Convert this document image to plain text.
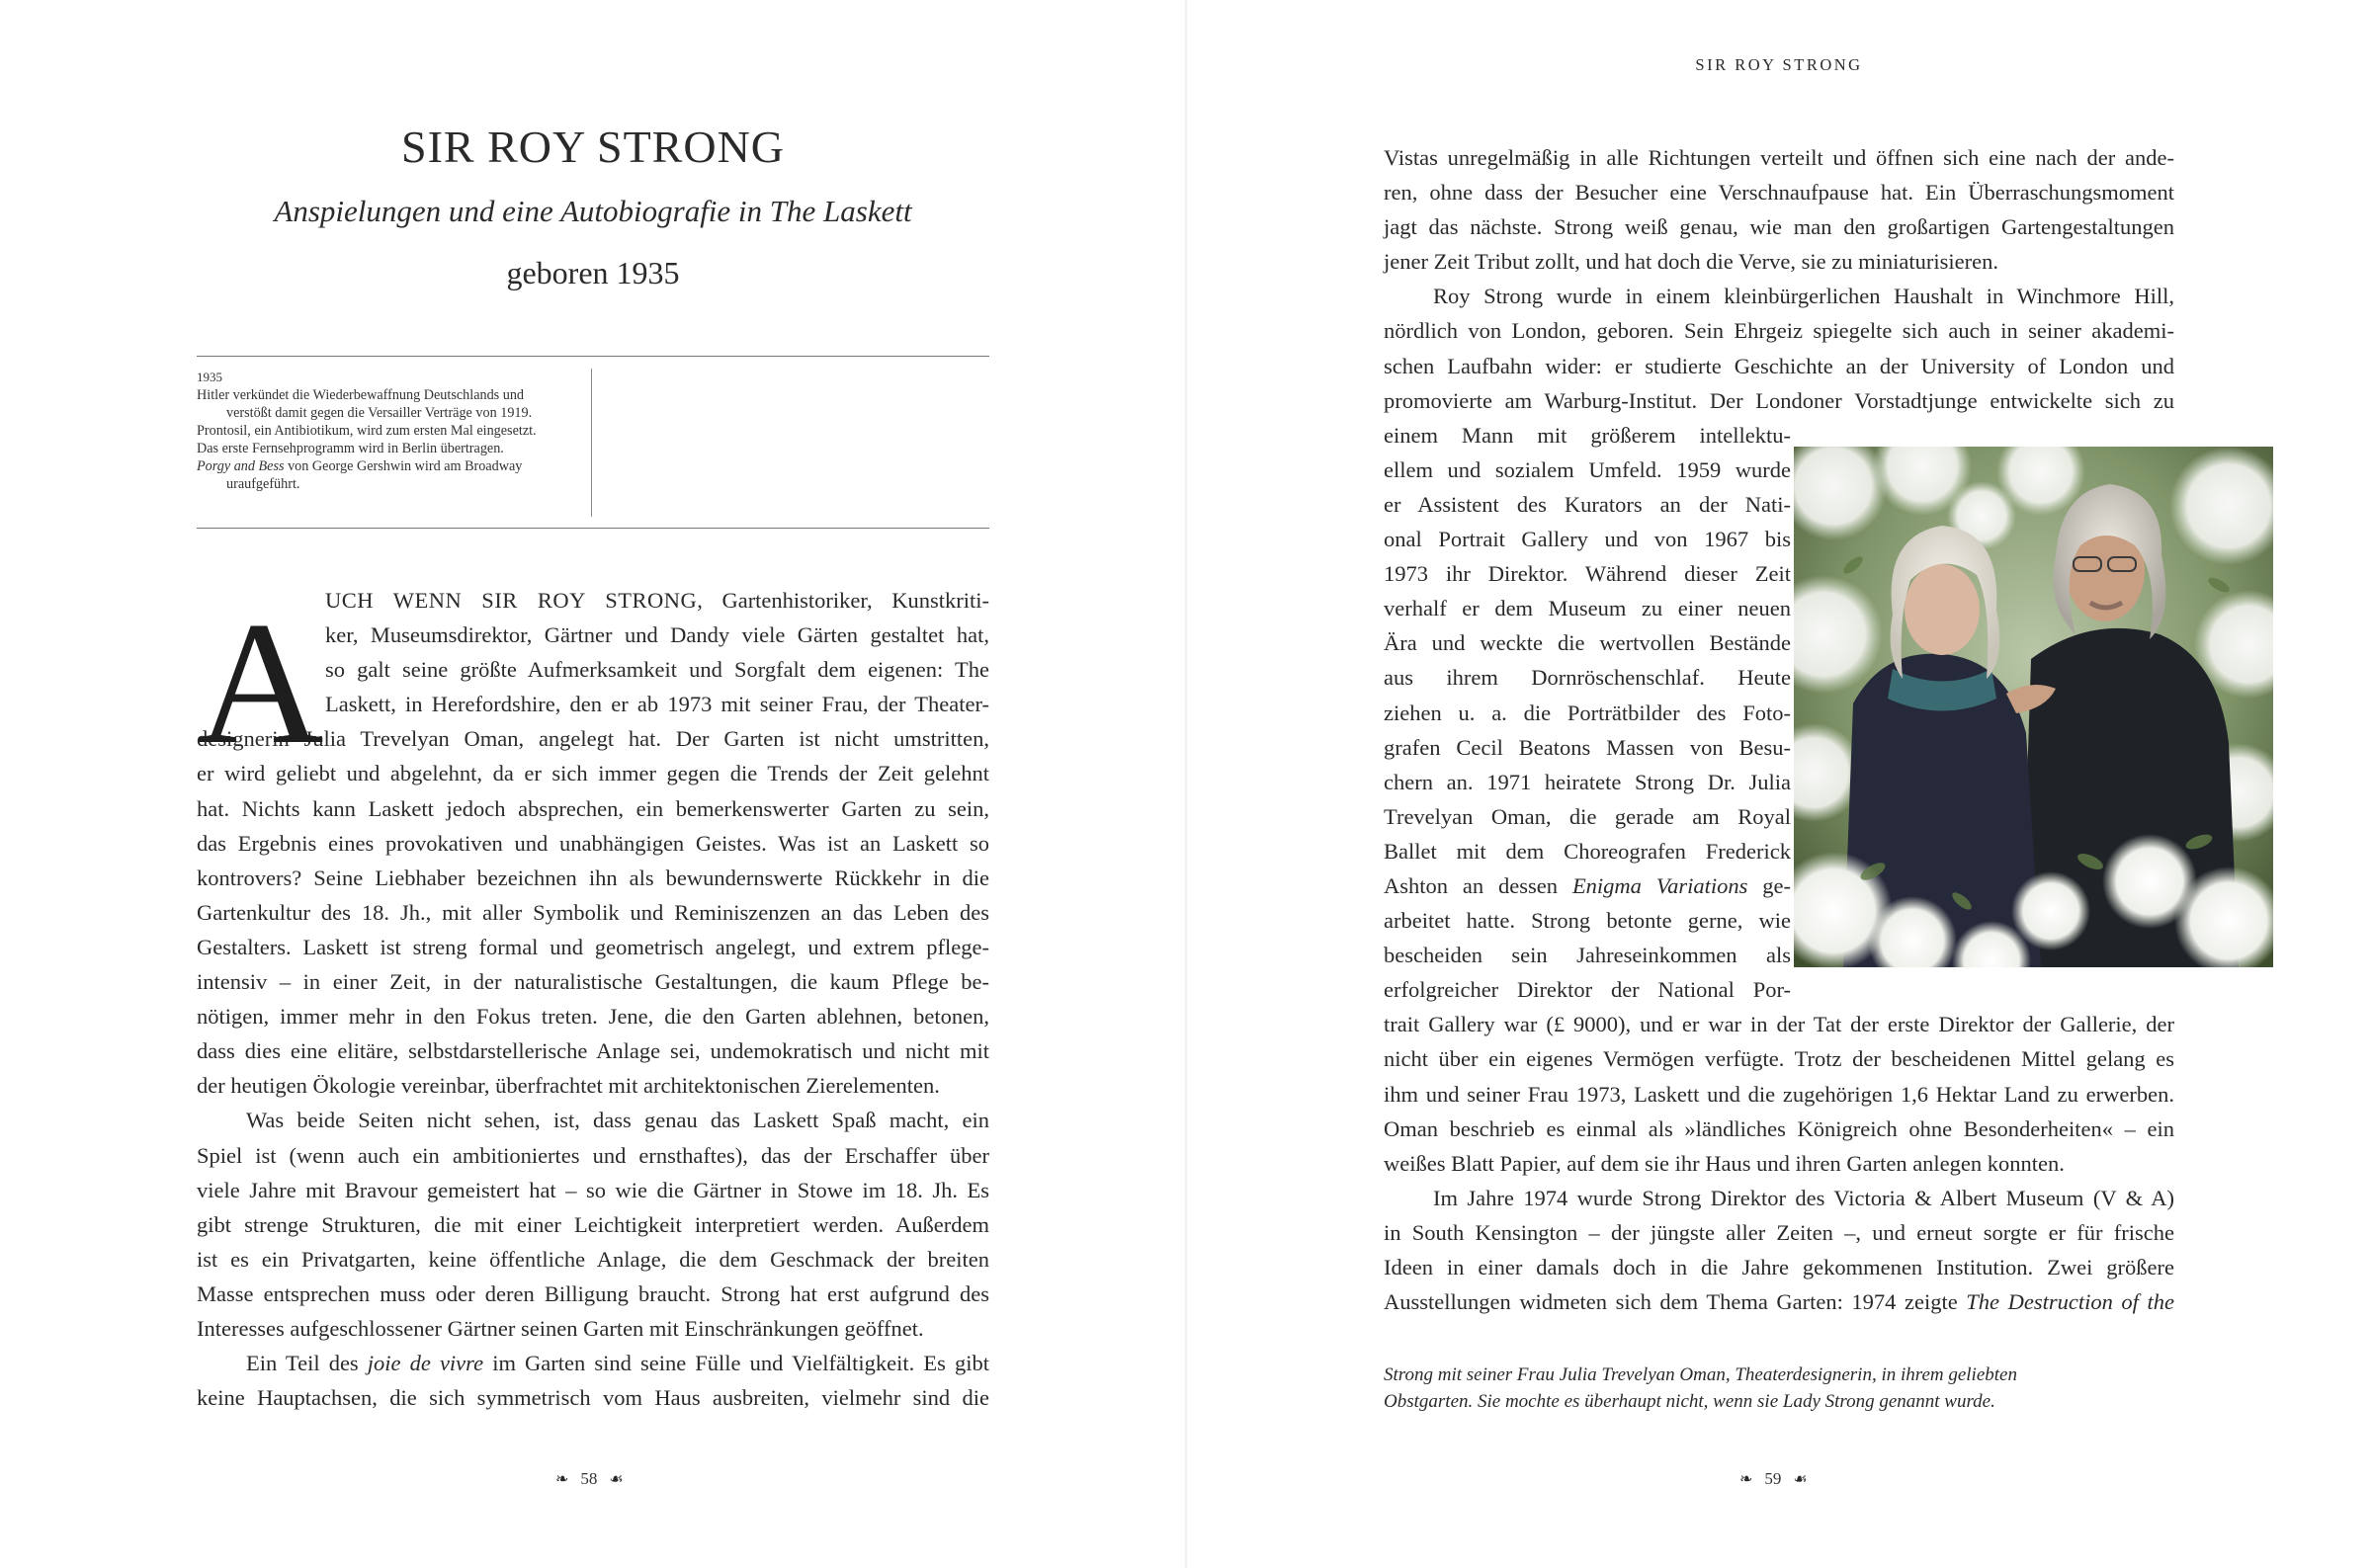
SIR ROY STRONG
Anspielungen und eine Autobiografie in The Laskett
geboren 1935
1935
Hitler verkündet die Wiederbewaffnung Deutschlands und
verstößt damit gegen die Versailler Verträge von 1919.
Prontosil, ein Antibiotikum, wird zum ersten Mal eingesetzt.
Das erste Fernsehprogramm wird in Berlin übertragen.
Porgy and Bess von George Gershwin wird am Broadway
uraufgeführt.
A UCH WENN SIR ROY STRONG, Gartenhistoriker, Kunstkriti-
ker, Museumsdirektor, Gärtner und Dandy viele Gärten gestaltet hat,
so galt seine größte Aufmerksamkeit und Sorgfalt dem eigenen: The
Laskett, in Herefordshire, den er ab 1973 mit seiner Frau, der Theater-
designerin Julia Trevelyan Oman, angelegt hat. Der Garten ist nicht umstritten,
er wird geliebt und abgelehnt, da er sich immer gegen die Trends der Zeit gelehnt
hat. Nichts kann Laskett jedoch absprechen, ein bemerkenswerter Garten zu sein,
das Ergebnis eines provokativen und unabhängigen Geistes. Was ist an Laskett so
kontrovers? Seine Liebhaber bezeichnen ihn als bewundernswerte Rückkehr in die
Gartenkultur des 18. Jh., mit aller Symbolik und Reminiszenzen an das Leben des
Gestalters. Laskett ist streng formal und geometrisch angelegt, und extrem pflege-
intensiv – in einer Zeit, in der naturalistische Gestaltungen, die kaum Pflege be-
nötigen, immer mehr in den Fokus treten. Jene, die den Garten ablehnen, betonen,
dass dies eine elitäre, selbstdarstellerische Anlage sei, undemokratisch und nicht mit
der heutigen Ökologie vereinbar, überfrachtet mit architektonischen Zierelementen.
Was beide Seiten nicht sehen, ist, dass genau das Laskett Spaß macht, ein
Spiel ist (wenn auch ein ambitioniertes und ernsthaftes), das der Erschaffer über
viele Jahre mit Bravour gemeistert hat – so wie die Gärtner in Stowe im 18. Jh. Es
gibt strenge Strukturen, die mit einer Leichtigkeit interpretiert werden. Außerdem
ist es ein Privatgarten, keine öffentliche Anlage, die dem Geschmack der breiten
Masse entsprechen muss oder deren Billigung braucht. Strong hat erst aufgrund des
Interesses aufgeschlossener Gärtner seinen Garten mit Einschränkungen geöffnet.
Ein Teil des joie de vivre im Garten sind seine Fülle und Vielfältigkeit. Es gibt
keine Hauptachsen, die sich symmetrisch vom Haus ausbreiten, vielmehr sind die
❧ 58 ☙
SIR ROY STRONG
Vistas unregelmäßig in alle Richtungen verteilt und öffnen sich eine nach der ande-
ren, ohne dass der Besucher eine Verschnaufpause hat. Ein Überraschungsmoment
jagt das nächste. Strong weiß genau, wie man den großartigen Gartengestaltungen
jener Zeit Tribut zollt, und hat doch die Verve, sie zu miniaturisieren.
Roy Strong wurde in einem kleinbürgerlichen Haushalt in Winchmore Hill,
nördlich von London, geboren. Sein Ehrgeiz spiegelte sich auch in seiner akademi-
schen Laufbahn wider: er studierte Geschichte an der University of London und
promovierte am Warburg-Institut. Der Londoner Vorstadtjunge entwickelte sich zu
einem Mann mit größerem intellektu-
ellem und sozialem Umfeld. 1959 wurde
er Assistent des Kurators an der Nati-
onal Portrait Gallery und von 1967 bis
1973 ihr Direktor. Während dieser Zeit
verhalf er dem Museum zu einer neuen
Ära und weckte die wertvollen Bestände
aus ihrem Dornröschenschlaf. Heute
ziehen u. a. die Porträtbilder des Foto-
grafen Cecil Beatons Massen von Besu-
chern an. 1971 heiratete Strong Dr. Julia
Trevelyan Oman, die gerade am Royal
Ballet mit dem Choreografen Frederick
Ashton an dessen Enigma Variations ge-
arbeitet hatte. Strong betonte gerne, wie
bescheiden sein Jahreseinkommen als
erfolgreicher Direktor der National Por-
trait Gallery war (£ 9000), und er war in der Tat der erste Direktor der Gallerie, der
nicht über ein eigenes Vermögen verfügte. Trotz der bescheidenen Mittel gelang es
ihm und seiner Frau 1973, Laskett und die zugehörigen 1,6 Hektar Land zu erwerben.
Oman beschrieb es einmal als »ländliches Königreich ohne Besonderheiten« – ein
weißes Blatt Papier, auf dem sie ihr Haus und ihren Garten anlegen konnten.
Im Jahre 1974 wurde Strong Direktor des Victoria & Albert Museum (V & A)
in South Kensington – der jüngste aller Zeiten –, und erneut sorgte er für frische
Ideen in einer damals doch in die Jahre gekommenen Institution. Zwei größere
Ausstellungen widmeten sich dem Thema Garten: 1974 zeigte The Destruction of the
Strong mit seiner Frau Julia Trevelyan Oman, Theaterdesignerin, in ihrem geliebten
Obstgarten. Sie mochte es überhaupt nicht, wenn sie Lady Strong genannt wurde.
❧ 59 ☙
